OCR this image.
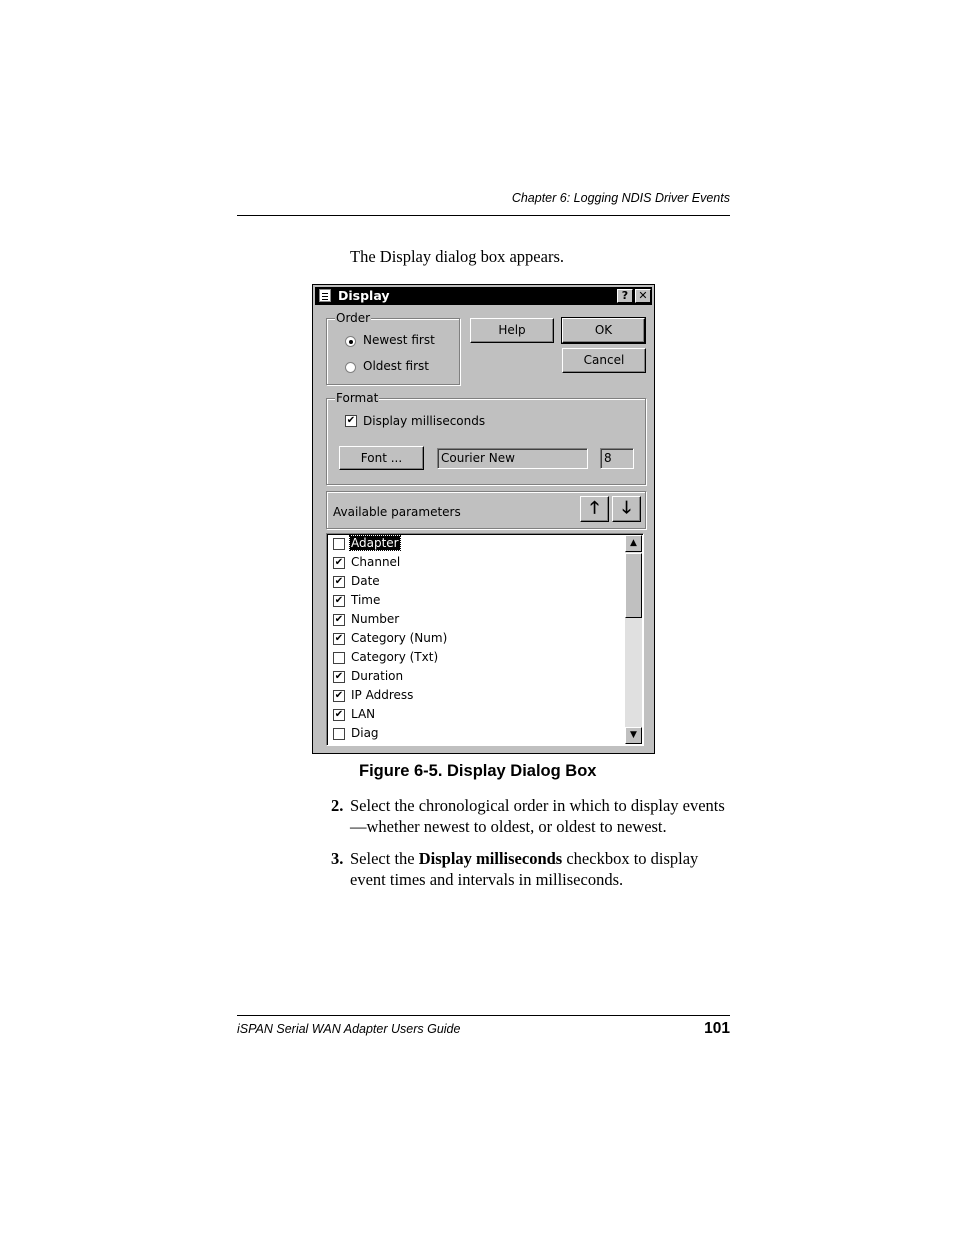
Chapter 6: Logging NDIS Driver Events
The Display dialog box appears.
Display	? ✕
Order
Newest first
Oldest first
Help	OK
Cancel
Format
✔ Display milliseconds
Font ...	Courier New	8
Available parameters	🡑	🡓
Adapter
✔ Channel
✔ Date
✔ Time
✔ Number
✔ Category (Num)
Category (Txt)
✔ Duration
✔ IP Address
✔ LAN
Diag
▲
▼
Figure 6-5. Display Dialog Box
2. Select the chronological order in which to display events—whether newest to oldest, or oldest to newest.
3. Select the Display milliseconds checkbox to display event times and intervals in milliseconds.
iSPAN Serial WAN Adapter Users Guide	101
